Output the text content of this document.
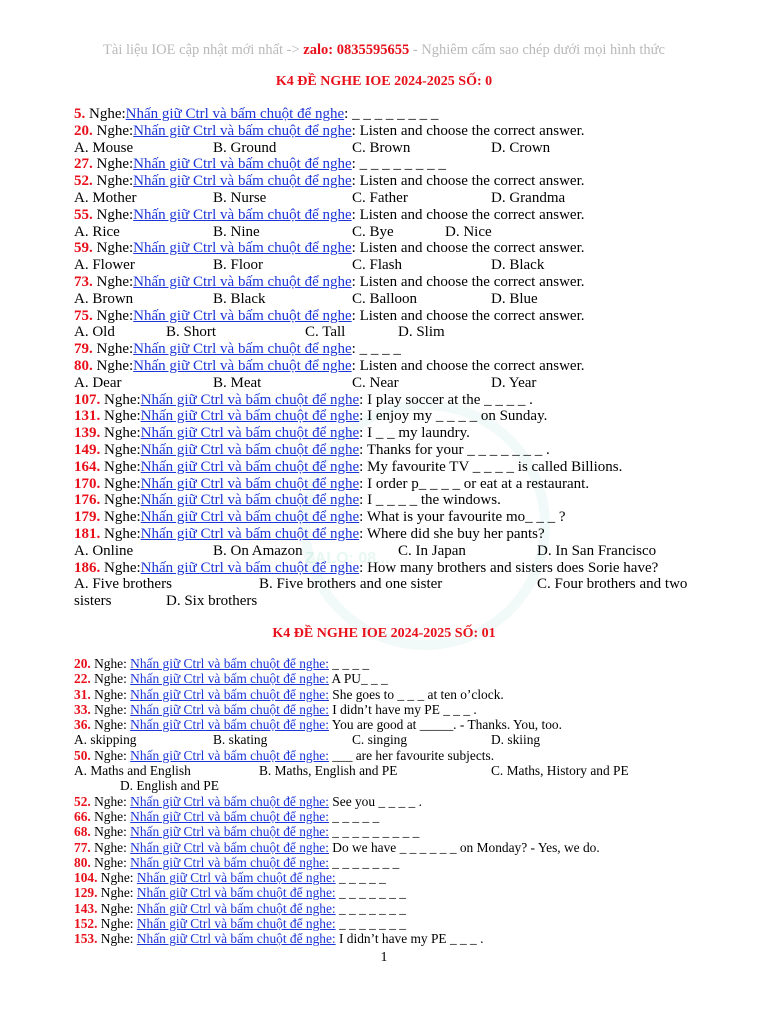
ZALO: 08...
Tài liệu IOE cập nhật mới nhất -> zalo: 0835595655 - Nghiêm cấm sao chép dưới mọi hình thức
K4 ĐỀ NGHE IOE 2024-2025 SỐ: 0
5. Nghe:Nhấn giữ Ctrl và bấm chuột để nghe: _ _ _ _ _ _ _ _
20. Nghe:Nhấn giữ Ctrl và bấm chuột để nghe: Listen and choose the correct answer.
A. Mouse	B. Ground	C. Brown	D. Crown
27. Nghe:Nhấn giữ Ctrl và bấm chuột để nghe: _ _ _ _ _ _ _ _
52. Nghe:Nhấn giữ Ctrl và bấm chuột để nghe: Listen and choose the correct answer.
A. Mother	B. Nurse	C. Father	D. Grandma
55. Nghe:Nhấn giữ Ctrl và bấm chuột để nghe: Listen and choose the correct answer.
A. Rice	B. Nine	C. Bye	D. Nice
59. Nghe:Nhấn giữ Ctrl và bấm chuột để nghe: Listen and choose the correct answer.
A. Flower	B. Floor	C. Flash	D. Black
73. Nghe:Nhấn giữ Ctrl và bấm chuột để nghe: Listen and choose the correct answer.
A. Brown	B. Black	C. Balloon	D. Blue
75. Nghe:Nhấn giữ Ctrl và bấm chuột để nghe: Listen and choose the correct answer.
A. Old	B. Short	C. Tall	D. Slim
79. Nghe:Nhấn giữ Ctrl và bấm chuột để nghe: _ _ _ _
80. Nghe:Nhấn giữ Ctrl và bấm chuột để nghe: Listen and choose the correct answer.
A. Dear	B. Meat	C. Near	D. Year
107. Nghe:Nhấn giữ Ctrl và bấm chuột để nghe: I play soccer at the _ _ _ _ .
131. Nghe:Nhấn giữ Ctrl và bấm chuột để nghe: I enjoy my _ _ _ _ on Sunday.
139. Nghe:Nhấn giữ Ctrl và bấm chuột để nghe: I _ _ my laundry.
149. Nghe:Nhấn giữ Ctrl và bấm chuột để nghe: Thanks for your _ _ _ _ _ _ _ .
164. Nghe:Nhấn giữ Ctrl và bấm chuột để nghe: My favourite TV _ _ _ _ is called Billions.
170. Nghe:Nhấn giữ Ctrl và bấm chuột để nghe: I order p_ _ _ _ or eat at a restaurant.
176. Nghe:Nhấn giữ Ctrl và bấm chuột để nghe: I _ _ _ _ the windows.
179. Nghe:Nhấn giữ Ctrl và bấm chuột để nghe: What is your favourite mo_ _ _ ?
181. Nghe:Nhấn giữ Ctrl và bấm chuột để nghe: Where did she buy her pants?
A. Online	B. On Amazon	C. In Japan	D. In San Francisco
186. Nghe:Nhấn giữ Ctrl và bấm chuột để nghe: How many brothers and sisters does Sorie have?
A. Five brothers	B. Five brothers and one sister	C. Four brothers and two
sisters	D. Six brothers
K4 ĐỀ NGHE IOE 2024-2025 SỐ: 01
20. Nghe: Nhấn giữ Ctrl và bấm chuột để nghe: _ _ _ _
22. Nghe: Nhấn giữ Ctrl và bấm chuột để nghe: A PU_ _ _
31. Nghe: Nhấn giữ Ctrl và bấm chuột để nghe: She goes to _ _ _ at ten o’clock.
33. Nghe: Nhấn giữ Ctrl và bấm chuột để nghe: I didn’t have my PE _ _ _ .
36. Nghe: Nhấn giữ Ctrl và bấm chuột để nghe: You are good at _____. - Thanks. You, too.
A. skipping	B. skating	C. singing	D. skiing
50. Nghe: Nhấn giữ Ctrl và bấm chuột để nghe: ___ are her favourite subjects.
A. Maths and English	B. Maths, English and PE	C. Maths, History and PE
D. English and PE
52. Nghe: Nhấn giữ Ctrl và bấm chuột để nghe: See you _ _ _ _ .
66. Nghe: Nhấn giữ Ctrl và bấm chuột để nghe: _ _ _ _ _
68. Nghe: Nhấn giữ Ctrl và bấm chuột để nghe: _ _ _ _ _ _ _ _ _
77. Nghe: Nhấn giữ Ctrl và bấm chuột để nghe: Do we have _ _ _ _ _ _ on Monday? - Yes, we do.
80. Nghe: Nhấn giữ Ctrl và bấm chuột để nghe: _ _ _ _ _ _ _
104. Nghe: Nhấn giữ Ctrl và bấm chuột để nghe: _ _ _ _ _
129. Nghe: Nhấn giữ Ctrl và bấm chuột để nghe: _ _ _ _ _ _ _
143. Nghe: Nhấn giữ Ctrl và bấm chuột để nghe: _ _ _ _ _ _ _
152. Nghe: Nhấn giữ Ctrl và bấm chuột để nghe: _ _ _ _ _ _ _
153. Nghe: Nhấn giữ Ctrl và bấm chuột để nghe: I didn’t have my PE _ _ _ .
1
